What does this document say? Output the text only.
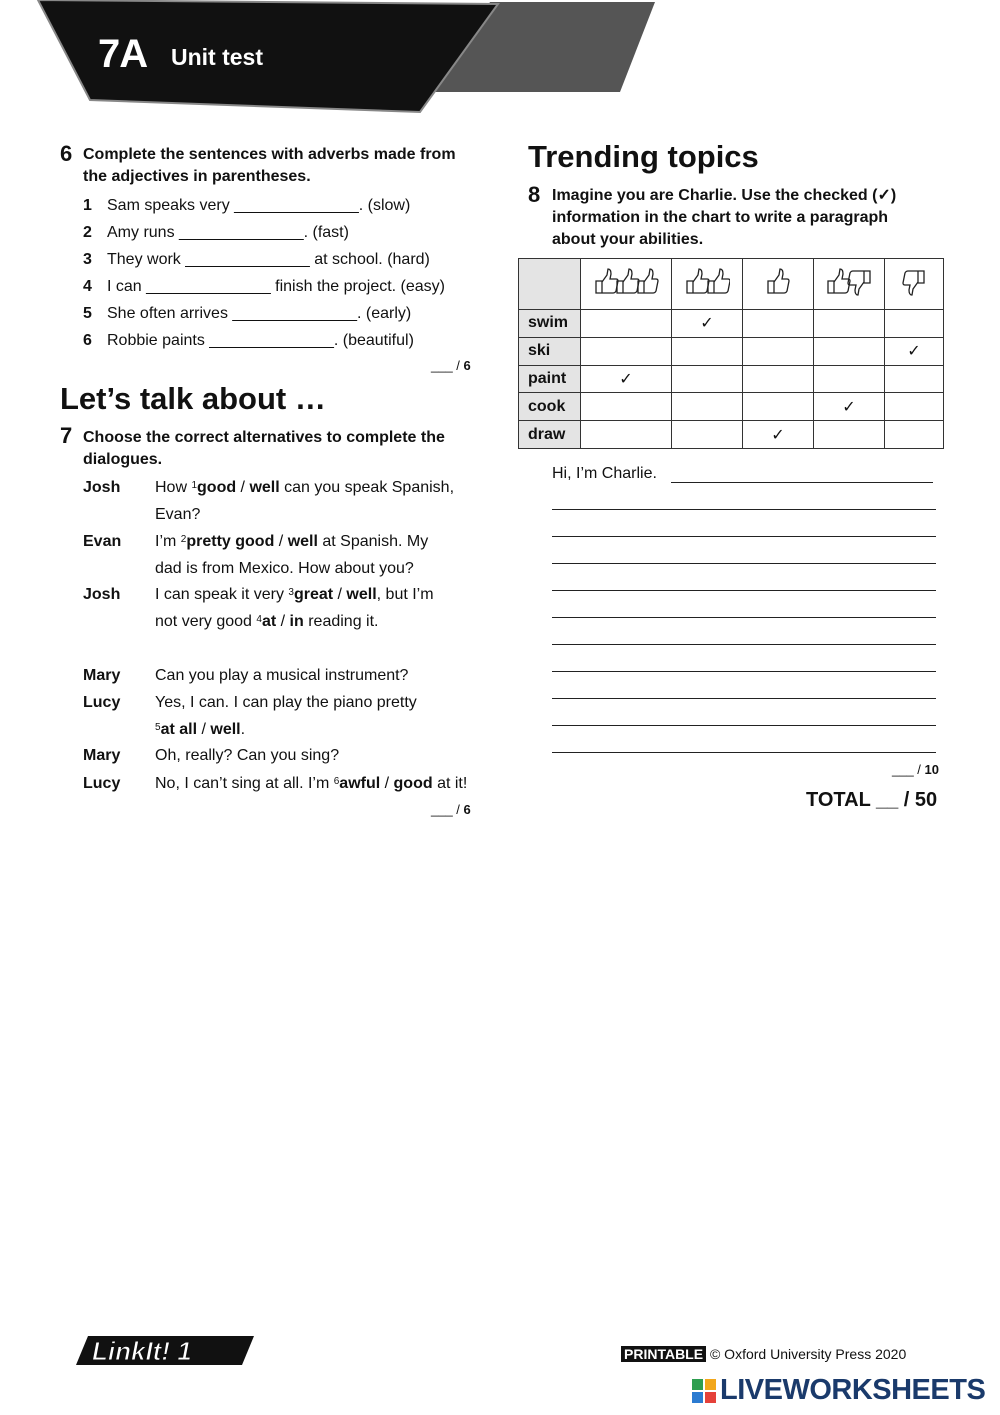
7A Unit test
6 Complete the sentences with adverbs made from the adjectives in parentheses.
1 Sam speaks very ______________. (slow)
2 Amy runs ______________. (fast)
3 They work ______________ at school. (hard)
4 I can ______________ finish the project. (easy)
5 She often arrives ______________. (early)
6 Robbie paints ______________. (beautiful)
___ / 6
Let’s talk about …
7 Choose the correct alternatives to complete the dialogues.
Josh	How $^1$good / well can you speak Spanish,
Evan?
Evan	I’m $^2$pretty good / well at Spanish. My
dad is from Mexico. How about you?
Josh	I can speak it very $^3$great / well, but I’m
not very good $^4$at / in reading it.
Mary	Can you play a musical instrument?
Lucy	Yes, I can. I can play the piano pretty
$^5$at all / well.
Mary	Oh, really? Can you sing?
Lucy	No, I can’t sing at all. I’m $^6$awful / good at it!
___ / 6
Trending topics
8 Imagine you are Charlie. Use the checked (✓) information in the chart to write a paragraph about your abilities.

swim		✓			
ski					✓
paint	✓				
cook				✓	
draw			✓		
Hi, I’m Charlie.
___ / 10
TOTAL __ / 50
LinkIt! 1	PRINTABLE © Oxford University Press 2020
LIVEWORKSHEETS
